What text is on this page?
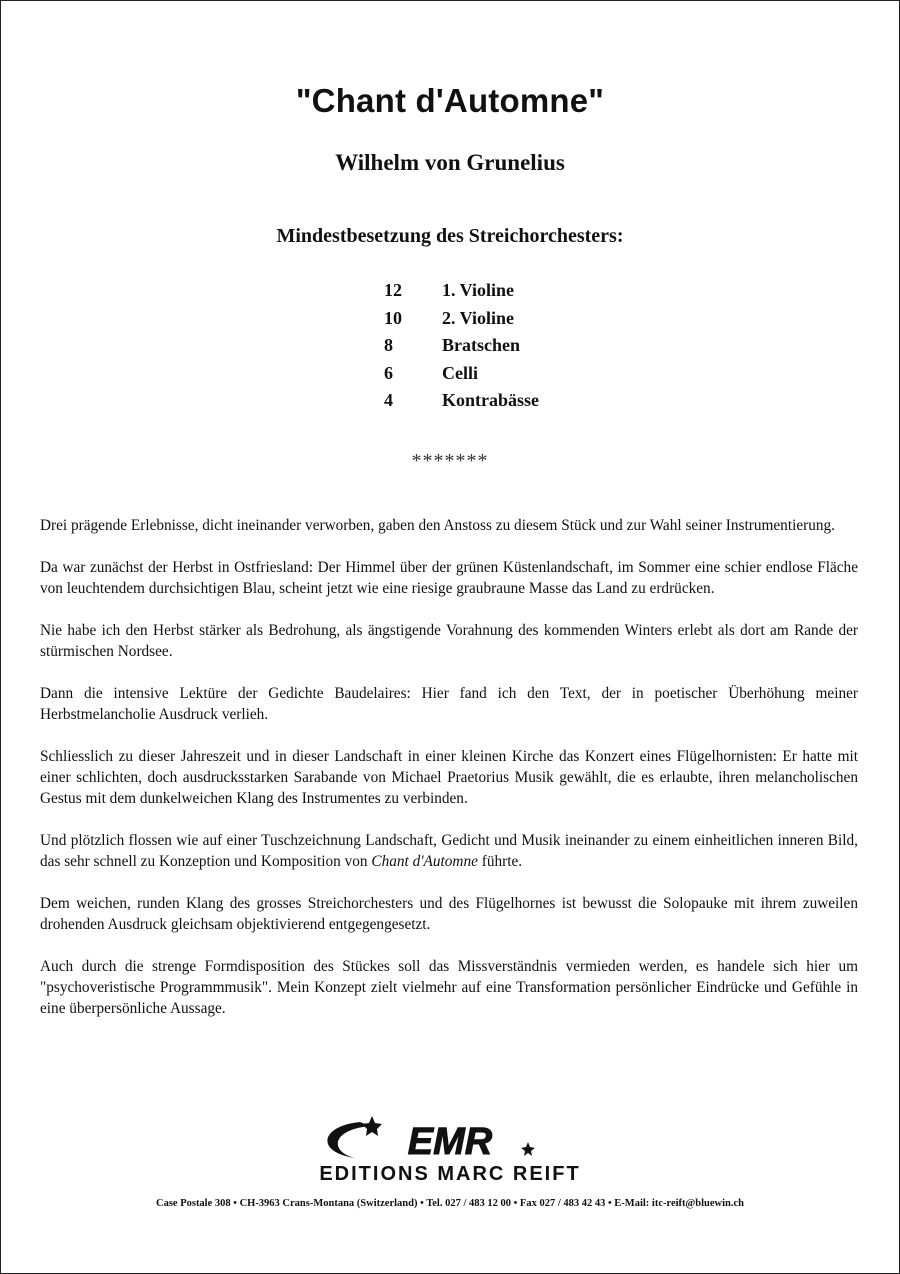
"Chant d'Automne"
Wilhelm von Grunelius
Mindestbesetzung des Streichorchesters:
12	1. Violine
10	2. Violine
8	Bratschen
6	Celli
4	Kontrabässe
*******

Drei prägende Erlebnisse, dicht ineinander verworben, gaben den Anstoss zu diesem Stück und zur Wahl seiner Instrumentierung.

Da war zunächst der Herbst in Ostfriesland: Der Himmel über der grünen Küstenlandschaft, im Sommer eine schier endlose Fläche von leuchtendem durchsichtigen Blau, scheint jetzt wie eine riesige graubraune Masse das Land zu erdrücken.

Nie habe ich den Herbst stärker als Bedrohung, als ängstigende Vorahnung des kommenden Winters erlebt als dort am Rande der stürmischen Nordsee.

Dann die intensive Lektüre der Gedichte Baudelaires: Hier fand ich den Text, der in poetischer Überhöhung meiner Herbstmelancholie Ausdruck verlieh.

Schliesslich zu dieser Jahreszeit und in dieser Landschaft in einer kleinen Kirche das Konzert eines Flügelhornisten: Er hatte mit einer schlichten, doch ausdrucksstarken Sarabande von Michael Praetorius Musik gewählt, die es erlaubte, ihren melancholischen Gestus mit dem dunkelweichen Klang des Instrumentes zu verbinden.

Und plötzlich flossen wie auf einer Tuschzeichnung Landschaft, Gedicht und Musik ineinander zu einem einheitlichen inneren Bild, das sehr schnell zu Konzeption und Komposition von Chant d'Automne führte.

Dem weichen, runden Klang des grosses Streichorchesters und des Flügelhornes ist bewusst die Solopauke mit ihrem zuweilen drohenden Ausdruck gleichsam objektivierend entgegengesetzt.

Auch durch die strenge Formdisposition des Stückes soll das Missverständnis vermieden werden, es handele sich hier um "psychoveristische Programmmusik". Mein Konzept zielt vielmehr auf eine Transformation persönlicher Eindrücke und Gefühle in eine überpersönliche Aussage.

EMR
EDITIONS MARC REIFT
Case Postale 308 • CH-3963 Crans-Montana (Switzerland) • Tel. 027 / 483 12 00 • Fax 027 / 483 42 43 • E-Mail: itc-reift@bluewin.ch
